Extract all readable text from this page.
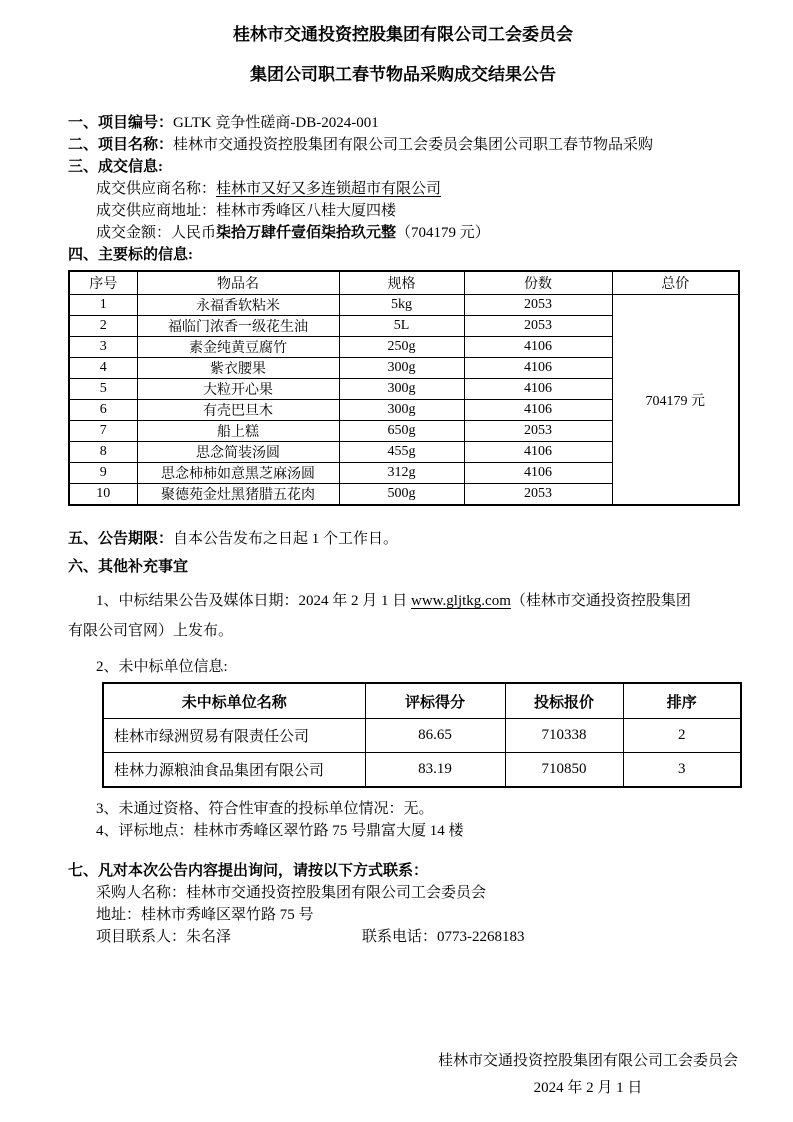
桂林市交通投资控股集团有限公司工会委员会
集团公司职工春节物品采购成交结果公告
一、项目编号：GLTK 竞争性磋商-DB-2024-001
二、项目名称：桂林市交通投资控股集团有限公司工会委员会集团公司职工春节物品采购
三、成交信息:
成交供应商名称：桂林市又好又多连锁超市有限公司
成交供应商地址：桂林市秀峰区八桂大厦四楼
成交金额：人民币柒拾万肆仟壹佰柒拾玖元整（704179 元）
四、主要标的信息:
序号	物品名	规格	份数	总价
1	永福香软粘米	5kg	2053	704179 元
2	福临门浓香一级花生油	5L	2053	
3	素金纯黄豆腐竹	250g	4106	
4	紫衣腰果	300g	4106	
5	大粒开心果	300g	4106	
6	有壳巴旦木	300g	4106	
7	船上糕	650g	2053	
8	思念简装汤圆	455g	4106	
9	思念柿柿如意黑芝麻汤圆	312g	4106	
10	聚德苑金灶黑猪腊五花肉	500g	2053	
五、公告期限：自本公告发布之日起 1 个工作日。
六、其他补充事宜

1、中标结果公告及媒体日期：2024 年 2 月 1 日 www.gljtkg.com（桂林市交通投资控股集团
有限公司官网）上发布。

2、未中标单位信息:
未中标单位名称	评标得分	投标报价	排序
桂林市绿洲贸易有限责任公司	86.65	710338	2
桂林力源粮油食品集团有限公司	83.19	710850	3
3、未通过资格、符合性审查的投标单位情况：无。
4、评标地点：桂林市秀峰区翠竹路 75 号鼎富大厦 14 楼
七、凡对本次公告内容提出询问，请按以下方式联系：
采购人名称：桂林市交通投资控股集团有限公司工会委员会
地址：桂林市秀峰区翠竹路 75 号
项目联系人：朱名泽	联系电话：0773-2268183
桂林市交通投资控股集团有限公司工会委员会
2024 年 2 月 1 日
